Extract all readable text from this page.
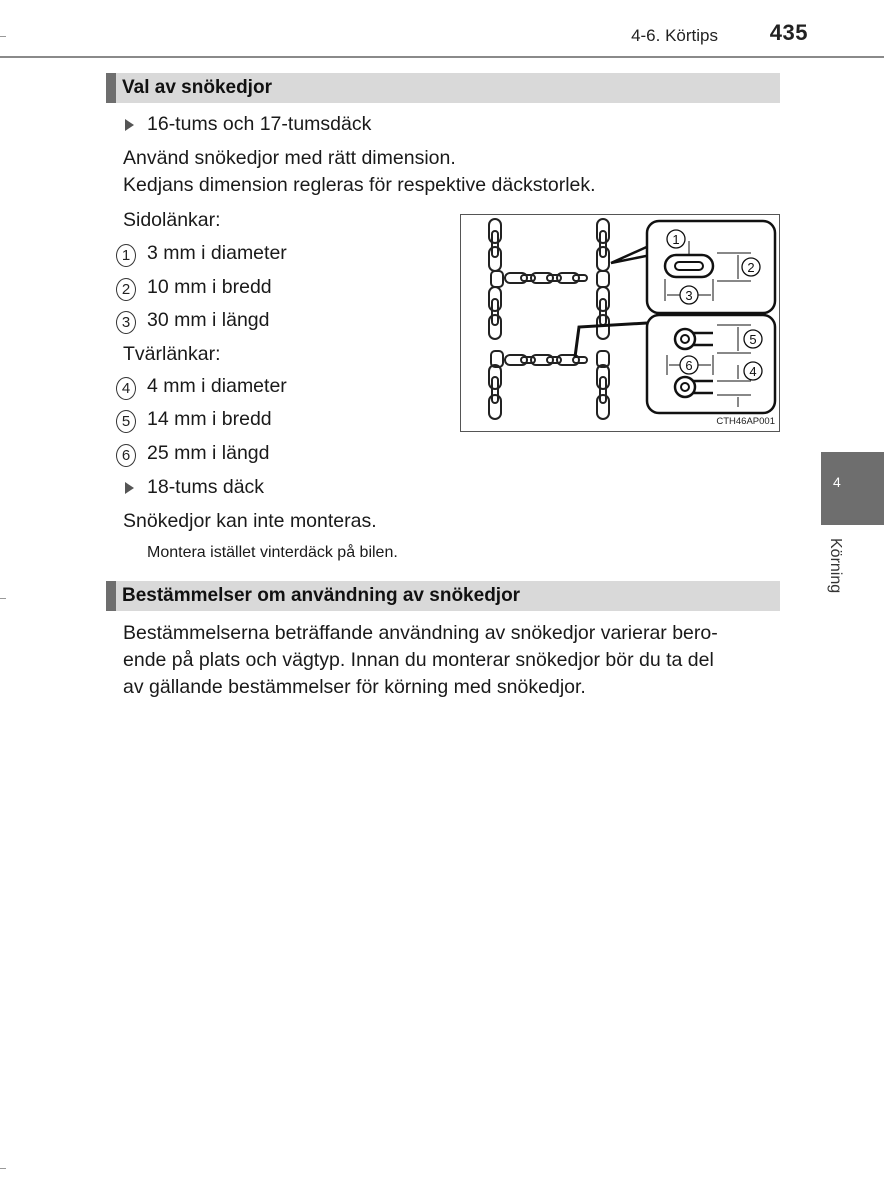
4-6. Körtips 435
Val av snökedjor
16-tums och 17-tumsdäck
Använd snökedjor med rätt dimension.
Kedjans dimension regleras för respektive däckstorlek.
Sidolänkar:
1 3 mm i diameter
2 10 mm i bredd
3 30 mm i längd
Tvärlänkar:
4 4 mm i diameter
5 14 mm i bredd
6 25 mm i längd
18-tums däck
Snökedjor kan inte monteras.
Montera istället vinterdäck på bilen.
1
2
3
5
6	4
CTH46AP001
Bestämmelser om användning av snökedjor
Bestämmelserna beträffande användning av snökedjor varierar bero-
ende på plats och vägtyp. Innan du monterar snökedjor bör du ta del
av gällande bestämmelser för körning med snökedjor.
4
Körning
